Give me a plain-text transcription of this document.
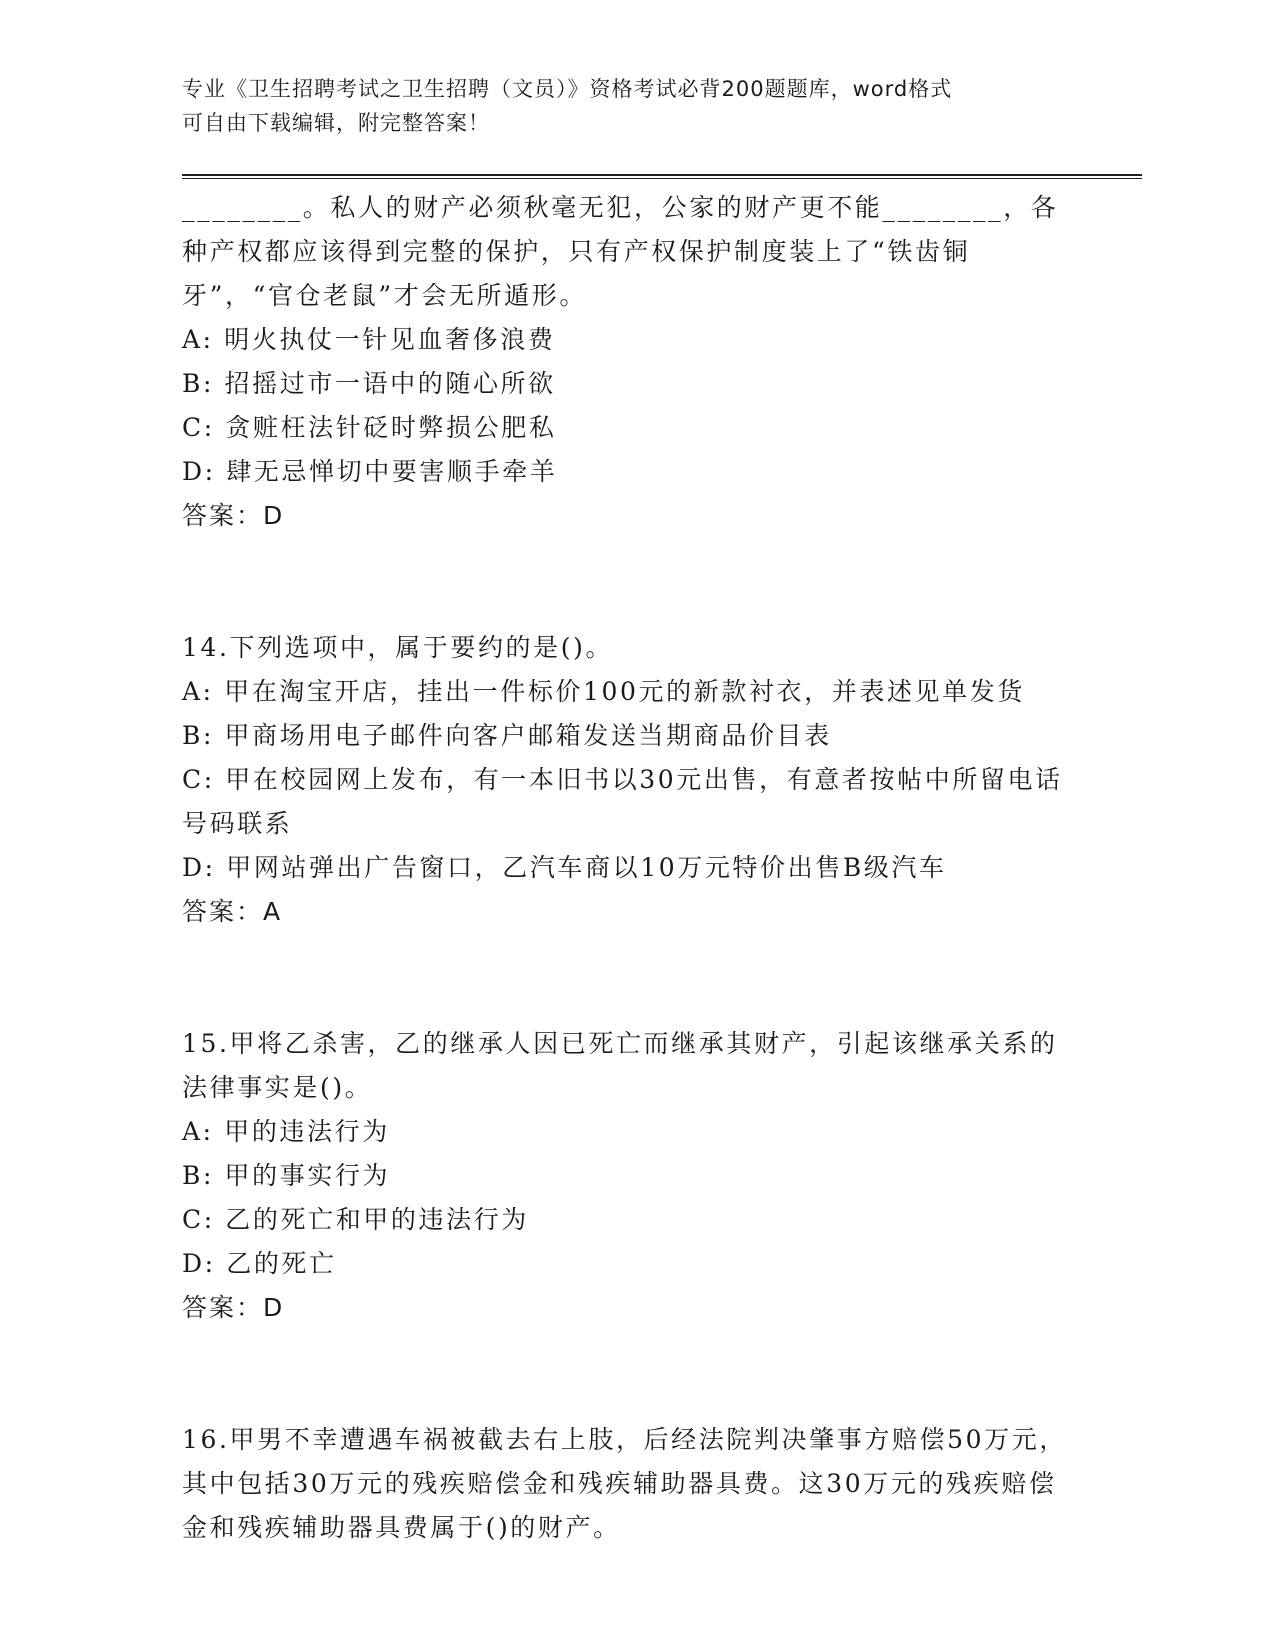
专业《卫生招聘考试之卫生招聘（文员）》资格考试必背200题题库，word格式
可自由下载编辑，附完整答案！

________。私人的财产必须秋毫无犯，公家的财产更不能________，各种产权都应该得到完整的保护，只有产权保护制度装上了“铁齿铜牙”，“官仓老鼠”才会无所遁形。

A: 明火执仗一针见血奢侈浪费

B: 招摇过市一语中的随心所欲

C: 贪赃枉法针砭时弊损公肥私

D: 肆无忌惮切中要害顺手牵羊

答案：D

14.下列选项中，属于要约的是()。

A: 甲在淘宝开店，挂出一件标价100元的新款衬衣，并表述见单发货

B: 甲商场用电子邮件向客户邮箱发送当期商品价目表

C: 甲在校园网上发布，有一本旧书以30元出售，有意者按帖中所留电话号码联系

D: 甲网站弹出广告窗口，乙汽车商以10万元特价出售B级汽车

答案：A

15.甲将乙杀害，乙的继承人因已死亡而继承其财产，引起该继承关系的法律事实是()。

A: 甲的违法行为

B: 甲的事实行为

C: 乙的死亡和甲的违法行为

D: 乙的死亡

答案：D

16.甲男不幸遭遇车祸被截去右上肢，后经法院判决肇事方赔偿50万元，其中包括30万元的残疾赔偿金和残疾辅助器具费。这30万元的残疾赔偿金和残疾辅助器具费属于()的财产。
